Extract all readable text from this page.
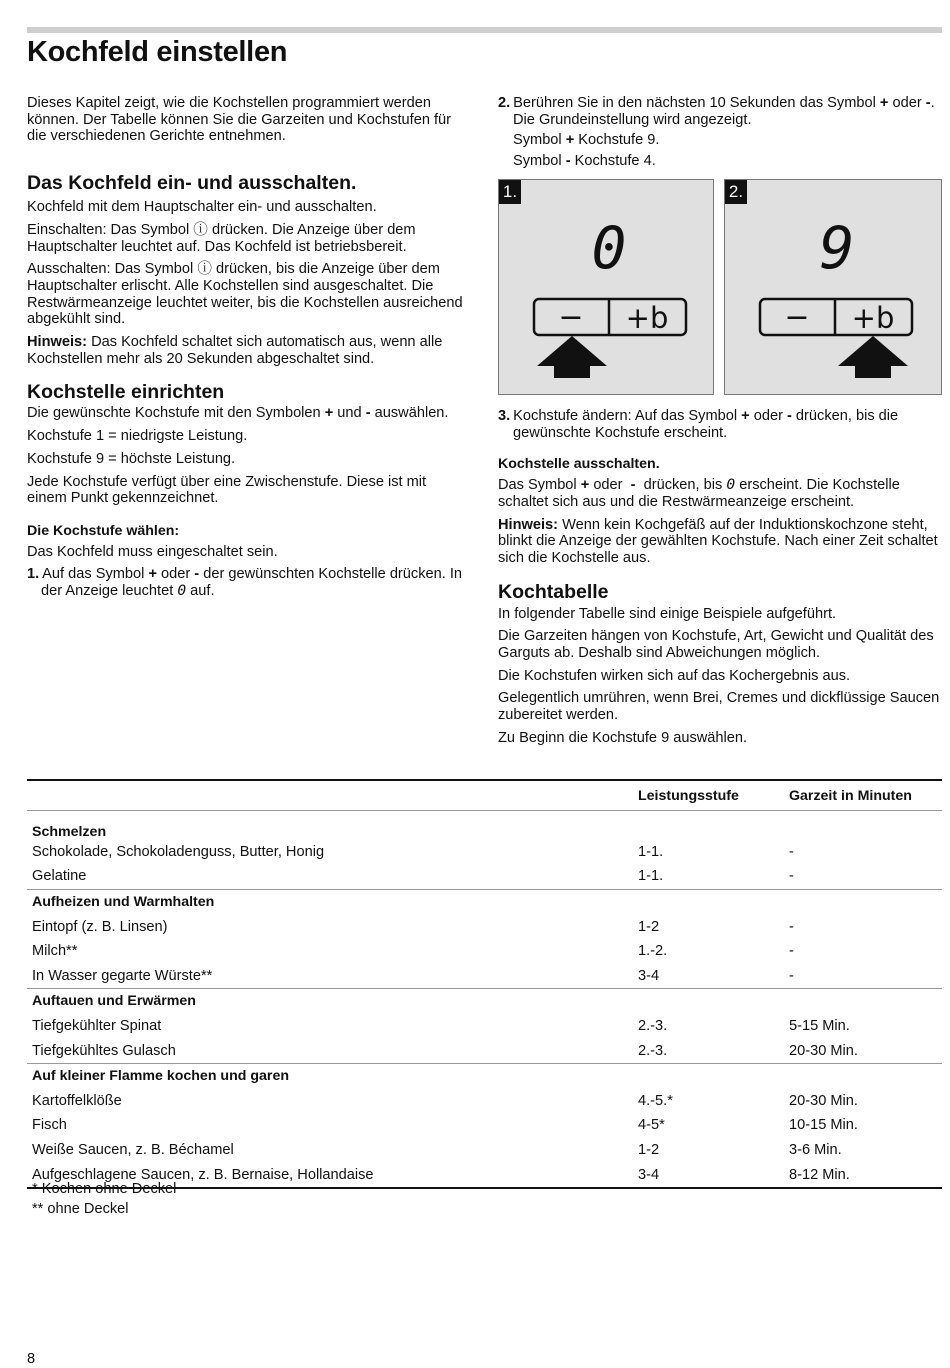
Kochfeld einstellen

Dieses Kapitel zeigt, wie die Kochstellen programmiert werden können. Der Tabelle können Sie die Garzeiten und Kochstufen für die verschiedenen Gerichte entnehmen.

Das Kochfeld ein- und ausschalten.

Kochfeld mit dem Hauptschalter ein- und ausschalten.

Einschalten: Das Symbol ⓘ drücken. Die Anzeige über dem Hauptschalter leuchtet auf. Das Kochfeld ist betriebsbereit.

Ausschalten: Das Symbol ⓘ drücken, bis die Anzeige über dem Hauptschalter erlischt. Alle Kochstellen sind ausgeschaltet. Die Restwärmeanzeige leuchtet weiter, bis die Kochstellen ausreichend abgekühlt sind.

Hinweis: Das Kochfeld schaltet sich automatisch aus, wenn alle Kochstellen mehr als 20 Sekunden abgeschaltet sind.

Kochstelle einrichten

Die gewünschte Kochstufe mit den Symbolen + und - auswählen.

Kochstufe 1 = niedrigste Leistung.

Kochstufe 9 = höchste Leistung.

Jede Kochstufe verfügt über eine Zwischenstufe. Diese ist mit einem Punkt gekennzeichnet.

Die Kochstufe wählen:

Das Kochfeld muss eingeschaltet sein.

1. Auf das Symbol + oder - der gewünschten Kochstelle drücken. In der Anzeige leuchtet 0 auf.

2. Berühren Sie in den nächsten 10 Sekunden das Symbol + oder -. Die Grundeinstellung wird angezeigt.

Symbol + Kochstufe 9.

Symbol - Kochstufe 4.

0
− +b
1.
9
− +b
2.

3. Kochstufe ändern: Auf das Symbol + oder - drücken, bis die gewünschte Kochstufe erscheint.

Kochstelle ausschalten.

Das Symbol + oder  -  drücken, bis 0 erscheint. Die Kochstelle schaltet sich aus und die Restwärmeanzeige erscheint.

Hinweis: Wenn kein Kochgefäß auf der Induktionskochzone steht, blinkt die Anzeige der gewählten Kochstufe. Nach einer Zeit schaltet sich die Kochstelle aus.

Kochtabelle

In folgender Tabelle sind einige Beispiele aufgeführt.

Die Garzeiten hängen von Kochstufe, Art, Gewicht und Qualität des Garguts ab. Deshalb sind Abweichungen möglich.

Die Kochstufen wirken sich auf das Kochergebnis aus.

Gelegentlich umrühren, wenn Brei, Cremes und dickflüssige Saucen zubereitet werden.

Zu Beginn die Kochstufe 9 auswählen.

	Leistungsstufe	Garzeit in Minuten
Schmelzen		
Schokolade, Schokoladenguss, Butter, Honig	1-1.	-
Gelatine	1-1.	-
Aufheizen und Warmhalten		
Eintopf (z. B. Linsen)	1-2	-
Milch**	1.-2.	-
In Wasser gegarte Würste**	3-4	-
Auftauen und Erwärmen		
Tiefgekühlter Spinat	2.-3.	5-15 Min.
Tiefgekühltes Gulasch	2.-3.	20-30 Min.
Auf kleiner Flamme kochen und garen		
Kartoffelklöße	4.-5.*	20-30 Min.
Fisch	4-5*	10-15 Min.
Weiße Saucen, z. B. Béchamel	1-2	3-6 Min.
Aufgeschlagene Saucen, z. B. Bernaise, Hollandaise	3-4	8-12 Min.
* Kochen ohne Deckel
** ohne Deckel
8
